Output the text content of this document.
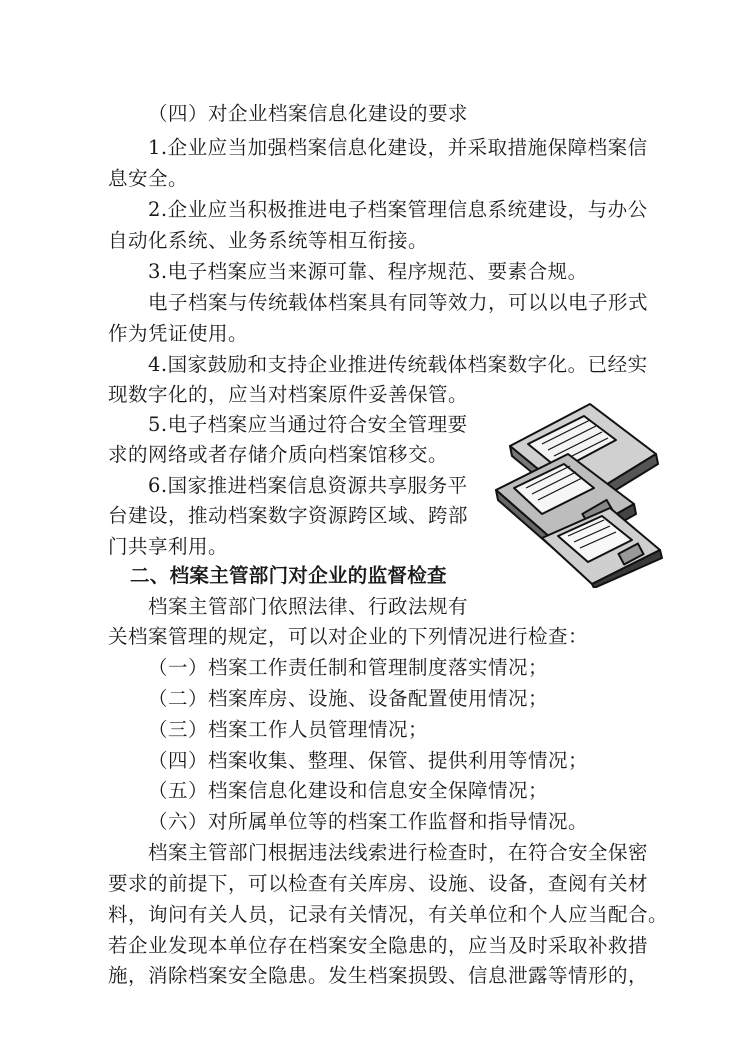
（四）对企业档案信息化建设的要求
1.企业应当加强档案信息化建设，并采取措施保障档案信
息安全。
2.企业应当积极推进电子档案管理信息系统建设，与办公
自动化系统、业务系统等相互衔接。
3.电子档案应当来源可靠、程序规范、要素合规。
电子档案与传统载体档案具有同等效力，可以以电子形式
作为凭证使用。
4.国家鼓励和支持企业推进传统载体档案数字化。已经实
现数字化的，应当对档案原件妥善保管。
5.电子档案应当通过符合安全管理要
求的网络或者存储介质向档案馆移交。
6.国家推进档案信息资源共享服务平
台建设，推动档案数字资源跨区域、跨部
门共享利用。
二、档案主管部门对企业的监督检查
档案主管部门依照法律、行政法规有
关档案管理的规定，可以对企业的下列情况进行检查：
（一）档案工作责任制和管理制度落实情况；
（二）档案库房、设施、设备配置使用情况；
（三）档案工作人员管理情况；
（四）档案收集、整理、保管、提供利用等情况；
（五）档案信息化建设和信息安全保障情况；
（六）对所属单位等的档案工作监督和指导情况。
档案主管部门根据违法线索进行检查时，在符合安全保密
要求的前提下，可以检查有关库房、设施、设备，查阅有关材
料，询问有关人员，记录有关情况，有关单位和个人应当配合。
若企业发现本单位存在档案安全隐患的，应当及时采取补救措
施，消除档案安全隐患。发生档案损毁、信息泄露等情形的，
